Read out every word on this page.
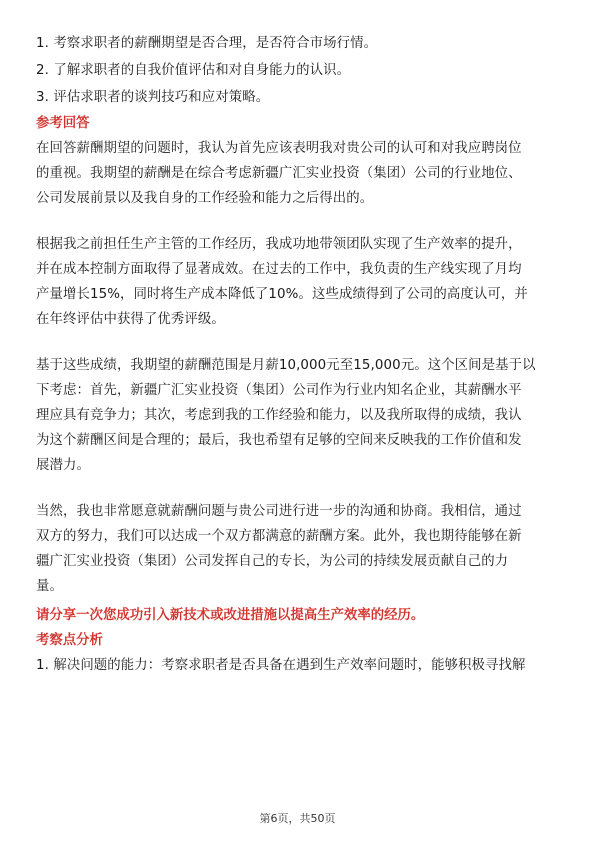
1. 考察求职者的薪酬期望是否合理，是否符合市场行情。
2. 了解求职者的自我价值评估和对自身能力的认识。
3. 评估求职者的谈判技巧和应对策略。
参考回答
在回答薪酬期望的问题时，我认为首先应该表明我对贵公司的认可和对我应聘岗位
的重视。我期望的薪酬是在综合考虑新疆广汇实业投资（集团）公司的行业地位、
公司发展前景以及我自身的工作经验和能力之后得出的。
根据我之前担任生产主管的工作经历，我成功地带领团队实现了生产效率的提升，
并在成本控制方面取得了显著成效。在过去的工作中，我负责的生产线实现了月均
产量增长15%，同时将生产成本降低了10%。这些成绩得到了公司的高度认可，并
在年终评估中获得了优秀评级。
基于这些成绩，我期望的薪酬范围是月薪10,000元至15,000元。这个区间是基于以
下考虑：首先，新疆广汇实业投资（集团）公司作为行业内知名企业，其薪酬水平
理应具有竞争力；其次，考虑到我的工作经验和能力，以及我所取得的成绩，我认
为这个薪酬区间是合理的；最后，我也希望有足够的空间来反映我的工作价值和发
展潜力。
当然，我也非常愿意就薪酬问题与贵公司进行进一步的沟通和协商。我相信，通过
双方的努力，我们可以达成一个双方都满意的薪酬方案。此外，我也期待能够在新
疆广汇实业投资（集团）公司发挥自己的专长，为公司的持续发展贡献自己的力
量。
请分享一次您成功引入新技术或改进措施以提高生产效率的经历。
考察点分析
1. 解决问题的能力：考察求职者是否具备在遇到生产效率问题时，能够积极寻找解
第6页，共50页
